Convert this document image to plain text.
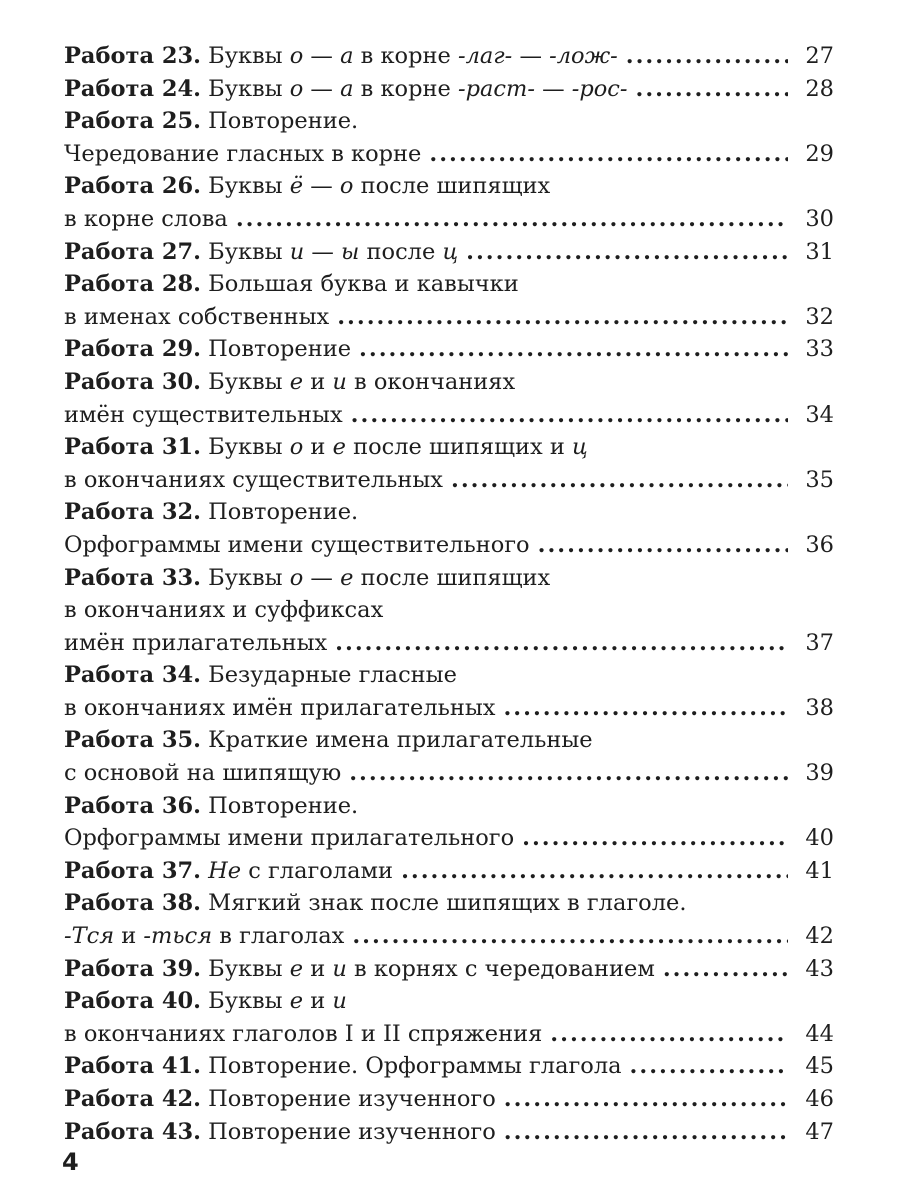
Работа 23. Буквы о — а в корне -лаг- — -лож- .....	27
Работа 24. Буквы о — а в корне -раст- — -рос- .....	28
Работа 25. Повторение.
Чередование гласных в корне .....	29
Работа 26. Буквы ё — о после шипящих
в корне слова .....	30
Работа 27. Буквы и — ы после ц .....	31
Работа 28. Большая буква и кавычки
в именах собственных .....	32
Работа 29. Повторение .....	33
Работа 30. Буквы е и и в окончаниях
имён существительных .....	34
Работа 31. Буквы о и е после шипящих и ц
в окончаниях существительных .....	35
Работа 32. Повторение.
Орфограммы имени существительного .....	36
Работа 33. Буквы о — е после шипящих
в окончаниях и суффиксах
имён прилагательных .....	37
Работа 34. Безударные гласные
в окончаниях имён прилагательных .....	38
Работа 35. Краткие имена прилагательные
с основой на шипящую .....	39
Работа 36. Повторение.
Орфограммы имени прилагательного .....	40
Работа 37. Не с глаголами .....	41
Работа 38. Мягкий знак после шипящих в глаголе.
-Тся и -ться в глаголах .....	42
Работа 39. Буквы е и и в корнях с чередованием .....	43
Работа 40. Буквы е и и
в окончаниях глаголов I и II спряжения .....	44
Работа 41. Повторение. Орфограммы глагола .....	45
Работа 42. Повторение изученного .....	46
Работа 43. Повторение изученного .....	47
4
